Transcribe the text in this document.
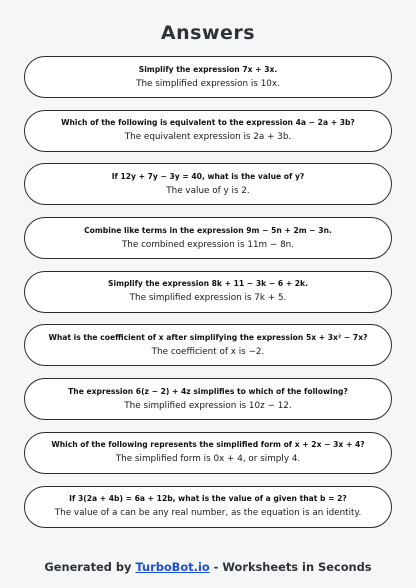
Answers
Simplify the expression 7x + 3x.
The simplified expression is 10x.
Which of the following is equivalent to the expression 4a − 2a + 3b?
The equivalent expression is 2a + 3b.
If 12y + 7y − 3y = 40, what is the value of y?
The value of y is 2.
Combine like terms in the expression 9m − 5n + 2m − 3n.
The combined expression is 11m − 8n.
Simplify the expression 8k + 11 − 3k − 6 + 2k.
The simplified expression is 7k + 5.
What is the coefficient of x after simplifying the expression 5x + 3x² − 7x?
The coefficient of x is −2.
The expression 6(z − 2) + 4z simplifies to which of the following?
The simplified expression is 10z − 12.
Which of the following represents the simplified form of x + 2x − 3x + 4?
The simplified form is 0x + 4, or simply 4.
If 3(2a + 4b) = 6a + 12b, what is the value of a given that b = 2?
The value of a can be any real number, as the equation is an identity.
Generated by TurboBot.io - Worksheets in Seconds
